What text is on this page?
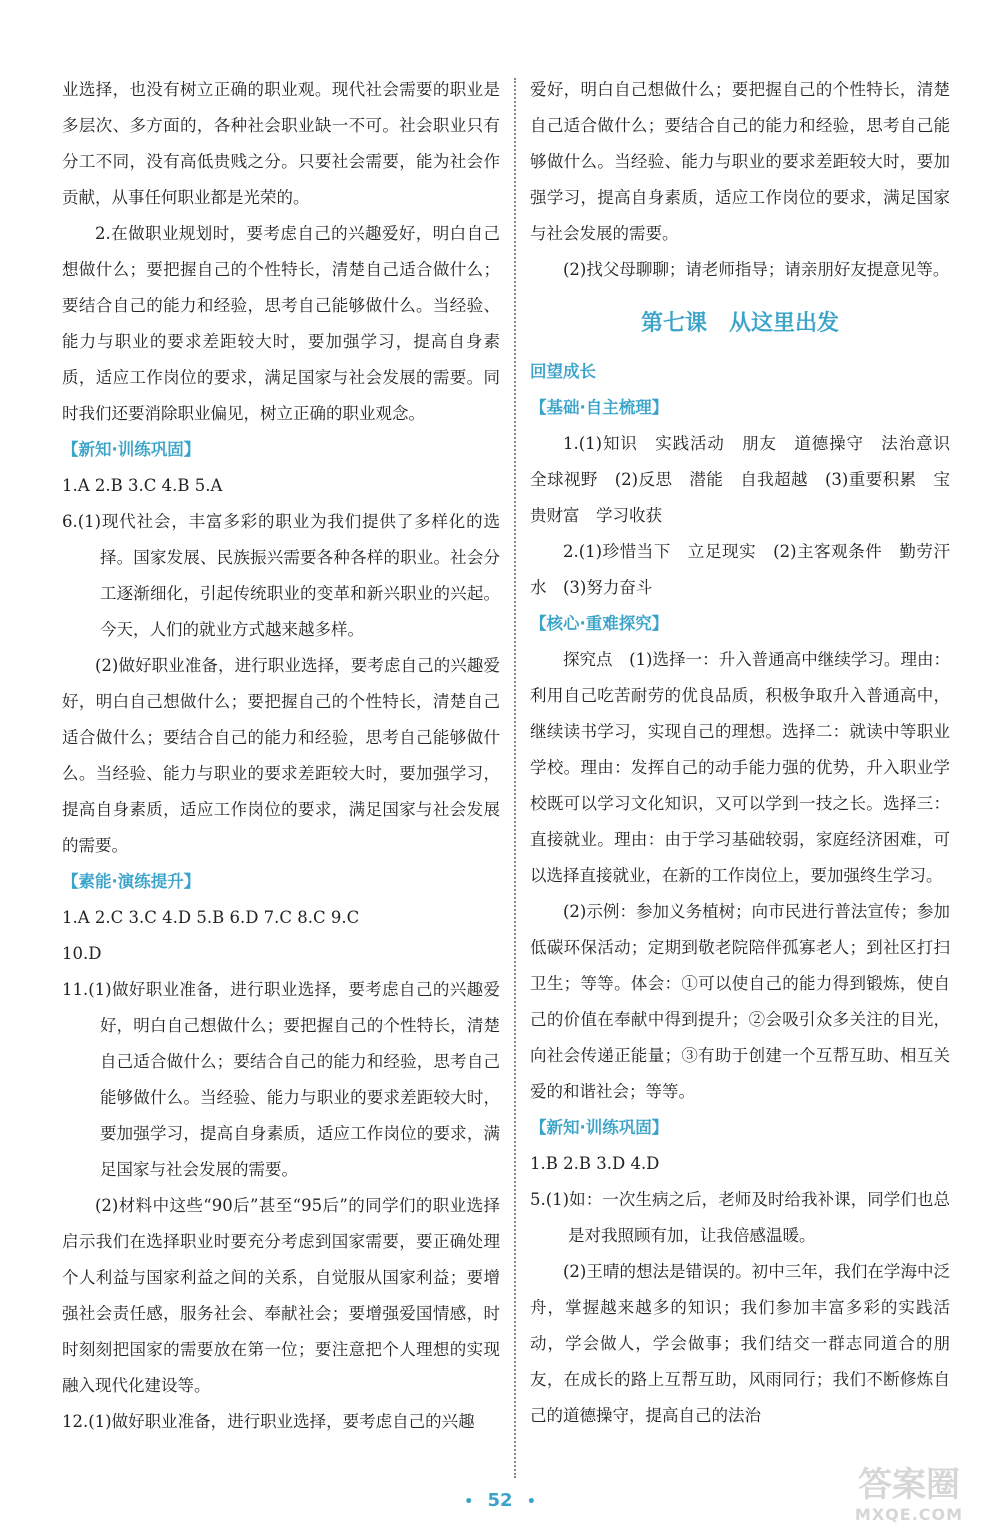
业选择，也没有树立正确的职业观。现代社会需要的职业是多层次、多方面的，各种社会职业缺一不可。社会职业只有分工不同，没有高低贵贱之分。只要社会需要，能为社会作贡献，从事任何职业都是光荣的。

2.在做职业规划时，要考虑自己的兴趣爱好，明白自己想做什么；要把握自己的个性特长，清楚自己适合做什么；要结合自己的能力和经验，思考自己能够做什么。当经验、能力与职业的要求差距较大时，要加强学习，提高自身素质，适应工作岗位的要求，满足国家与社会发展的需要。同时我们还要消除职业偏见，树立正确的职业观念。

【新知·训练巩固】

1.A 2.B 3.C 4.B 5.A

6.(1)现代社会，丰富多彩的职业为我们提供了多样化的选择。国家发展、民族振兴需要各种各样的职业。社会分工逐渐细化，引起传统职业的变革和新兴职业的兴起。今天，人们的就业方式越来越多样。

(2)做好职业准备，进行职业选择，要考虑自己的兴趣爱好，明白自己想做什么；要把握自己的个性特长，清楚自己适合做什么；要结合自己的能力和经验，思考自己能够做什么。当经验、能力与职业的要求差距较大时，要加强学习，提高自身素质，适应工作岗位的要求，满足国家与社会发展的需要。

【素能·演练提升】

1.A 2.C 3.C 4.D 5.B 6.D 7.C 8.C 9.C

10.D

11.(1)做好职业准备，进行职业选择，要考虑自己的兴趣爱好，明白自己想做什么；要把握自己的个性特长，清楚自己适合做什么；要结合自己的能力和经验，思考自己能够做什么。当经验、能力与职业的要求差距较大时，要加强学习，提高自身素质，适应工作岗位的要求，满足国家与社会发展的需要。

(2)材料中这些“90后”甚至“95后”的同学们的职业选择启示我们在选择职业时要充分考虑到国家需要，要正确处理个人利益与国家利益之间的关系，自觉服从国家利益；要增强社会责任感，服务社会、奉献社会；要增强爱国情感，时时刻刻把国家的需要放在第一位；要注意把个人理想的实现融入现代化建设等。

12.(1)做好职业准备，进行职业选择，要考虑自己的兴趣

爱好，明白自己想做什么；要把握自己的个性特长，清楚自己适合做什么；要结合自己的能力和经验，思考自己能够做什么。当经验、能力与职业的要求差距较大时，要加强学习，提高自身素质，适应工作岗位的要求，满足国家与社会发展的需要。

(2)找父母聊聊；请老师指导；请亲朋好友提意见等。

第七课　从这里出发
回望成长
【基础·自主梳理】

1.(1)知识　实践活动　朋友　道德操守　法治意识　全球视野　(2)反思　潜能　自我超越　(3)重要积累　宝贵财富　学习收获

2.(1)珍惜当下　立足现实　(2)主客观条件　勤劳汗水　(3)努力奋斗

【核心·重难探究】

探究点　(1)选择一：升入普通高中继续学习。理由：利用自己吃苦耐劳的优良品质，积极争取升入普通高中，继续读书学习，实现自己的理想。选择二：就读中等职业学校。理由：发挥自己的动手能力强的优势，升入职业学校既可以学习文化知识，又可以学到一技之长。选择三：直接就业。理由：由于学习基础较弱，家庭经济困难，可以选择直接就业，在新的工作岗位上，要加强终生学习。

(2)示例：参加义务植树；向市民进行普法宣传；参加低碳环保活动；定期到敬老院陪伴孤寡老人；到社区打扫卫生；等等。体会：①可以使自己的能力得到锻炼，使自己的价值在奉献中得到提升；②会吸引众多关注的目光，向社会传递正能量；③有助于创建一个互帮互助、相互关爱的和谐社会；等等。

【新知·训练巩固】

1.B 2.B 3.D 4.D

5.(1)如：一次生病之后，老师及时给我补课，同学们也总是对我照顾有加，让我倍感温暖。

(2)王晴的想法是错误的。初中三年，我们在学海中泛舟，掌握越来越多的知识；我们参加丰富多彩的实践活动，学会做人，学会做事；我们结交一群志同道合的朋友，在成长的路上互帮互助，风雨同行；我们不断修炼自己的道德操守，提高自己的法治

• 52 •	答案圈
MXQE.COM
